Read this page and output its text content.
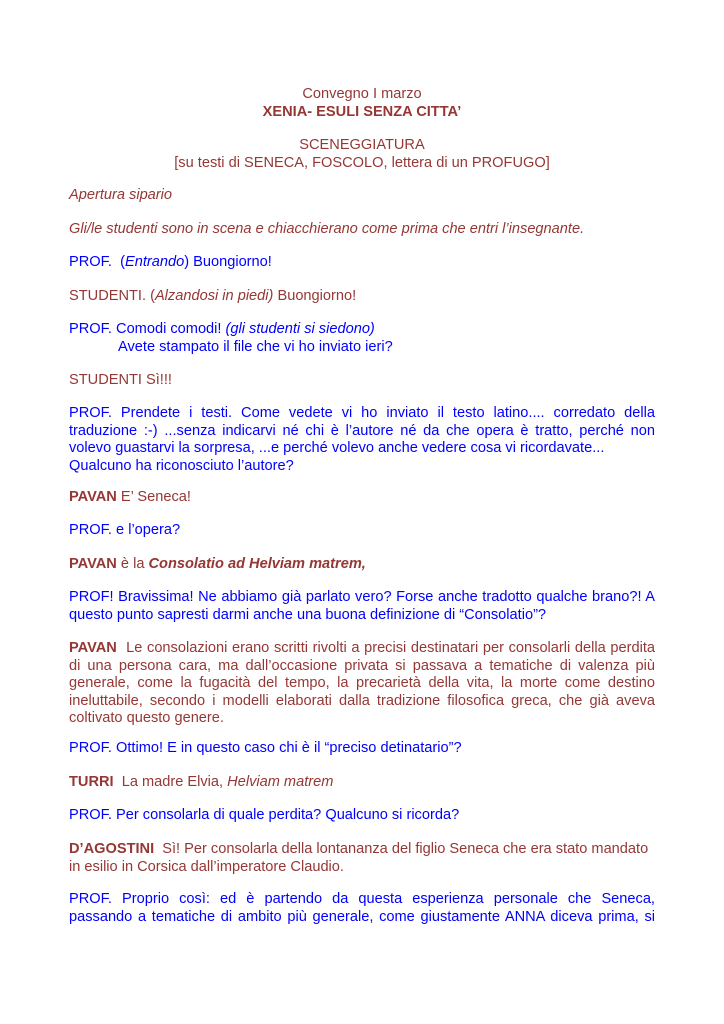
Convegno I marzo
XENIA- ESULI SENZA CITTA’
SCENEGGIATURA
[su testi di SENECA, FOSCOLO, lettera di un PROFUGO]

Apertura sipario

Gli/le studenti sono in scena e chiacchierano come prima che entri l’insegnante.

PROF.  (Entrando) Buongiorno!

STUDENTI. (Alzandosi in piedi) Buongiorno!

PROF. Comodi comodi! (gli studenti si siedono)
Avete stampato il file che vi ho inviato ieri?

STUDENTI Sì!!!

PROF. Prendete i testi. Come vedete vi ho inviato il testo latino.... corredato della
traduzione :-) ...senza indicarvi né chi è l’autore né da che opera è tratto, perché non
volevo guastarvi la sorpresa, ...e perché volevo anche vedere cosa vi ricordavate...
Qualcuno ha riconosciuto l’autore?

PAVAN E’ Seneca!

PROF. e l’opera?

PAVAN è la Consolatio ad Helviam matrem,

PROF! Bravissima! Ne abbiamo già parlato vero? Forse anche tradotto qualche brano?! A
questo punto sapresti darmi anche una buona definizione di “Consolatio”?
PAVAN Le consolazioni erano scritti rivolti a precisi destinatari per consolarli della perdita
di una persona cara, ma dall’occasione privata si passava a tematiche di valenza più
generale, come la fugacità del tempo, la precarietà della vita, la morte come destino
ineluttabile, secondo i modelli elaborati dalla tradizione filosofica greca, che già aveva
coltivato questo genere.

PROF. Ottimo! E in questo caso chi è il “preciso detinatario”?

TURRI La madre Elvia, Helviam matrem

PROF. Per consolarla di quale perdita? Qualcuno si ricorda?

D’AGOSTINI Sì! Per consolarla della lontananza del figlio Seneca che era stato mandato
in esilio in Corsica dall’imperatore Claudio.
PROF. Proprio così: ed è partendo da questa esperienza personale che Seneca,
passando a tematiche di ambito più generale, come giustamente ANNA diceva prima, si
